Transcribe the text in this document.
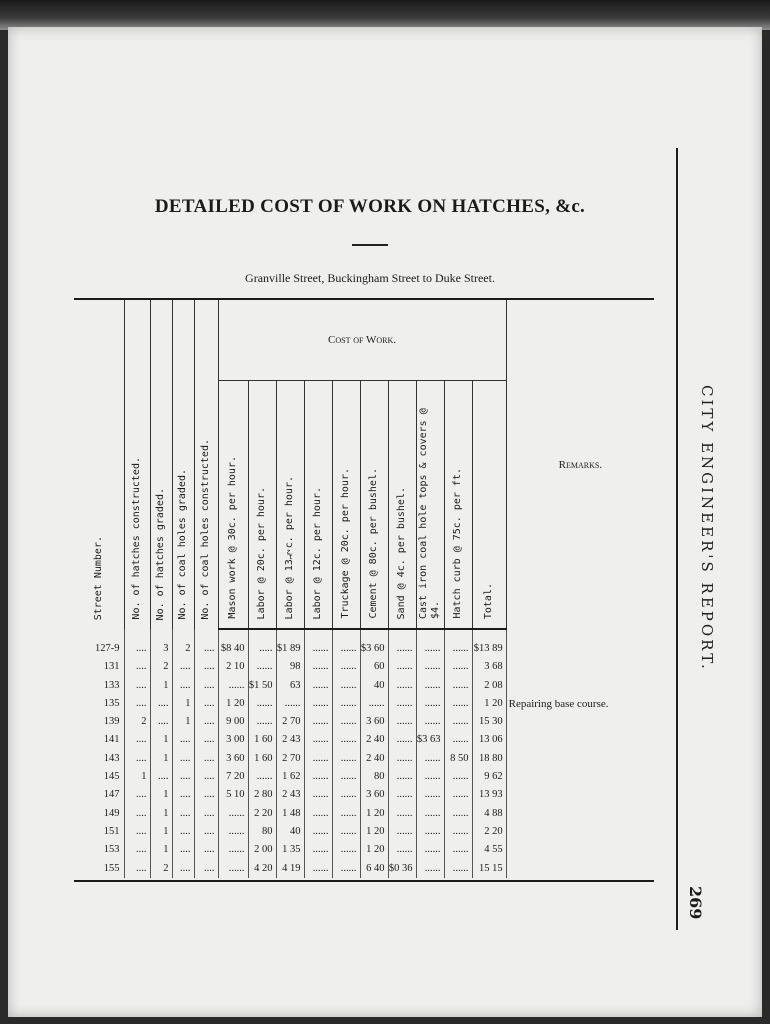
CITY ENGINEER'S REPORT.
269
DETAILED COST OF WORK ON HATCHES, &c.
Granville Street, Buckingham Street to Duke Street.
Street Number.	No. of hatches constructed.	No. of hatches graded.	No. of coal holes graded.	No. of coal holes constructed.	Cost of Work.										Remarks.
					Mason work @ 30c. per hour.	Labor @ 20c. per hour.	Labor @ 13½c. per hour.	Labor @ 12c. per hour.	Truckage @ 20c. per hour.	Cement @ 80c. per bushel.	Sand @ 4c. per bushel.	Cast iron coal hole tops & covers @ $4.	Hatch curb @ 75c. per ft.	Total.	
127-9	....	3	2	....	$8 40	.....	$1 89	......	......	$3 60	......	......	......	$13 89	
131	....	2	....	....	2 10	......	98	......	......	60	......	......	......	3 68	
133	....	1	....	....	......	$1 50	63	......	......	40	......	......	......	2 08	
135	....	....	1	....	1 20	......	......	......	......	......	......	......	......	1 20	Repairing base course.
139	2	....	1	....	9 00	......	2 70	......	......	3 60	......	......	......	15 30	
141	....	1	....	....	3 00	1 60	2 43	......	......	2 40	......	$3 63	......	13 06	
143	....	1	....	....	3 60	1 60	2 70	......	......	2 40	......	......	8 50	18 80	
145	1	....	....	....	7 20	......	1 62	......	......	80	......	......	......	9 62	
147	....	1	....	....	5 10	2 80	2 43	......	......	3 60	......	......	......	13 93	
149	....	1	....	....	......	2 20	1 48	......	......	1 20	......	......	......	4 88	
151	....	1	....	....	......	80	40	......	......	1 20	......	......	......	2 20	
153	....	1	....	....	......	2 00	1 35	......	......	1 20	......	......	......	4 55	
155	....	2	....	....	......	4 20	4 19	......	......	6 40	$0 36	......	......	15 15	
